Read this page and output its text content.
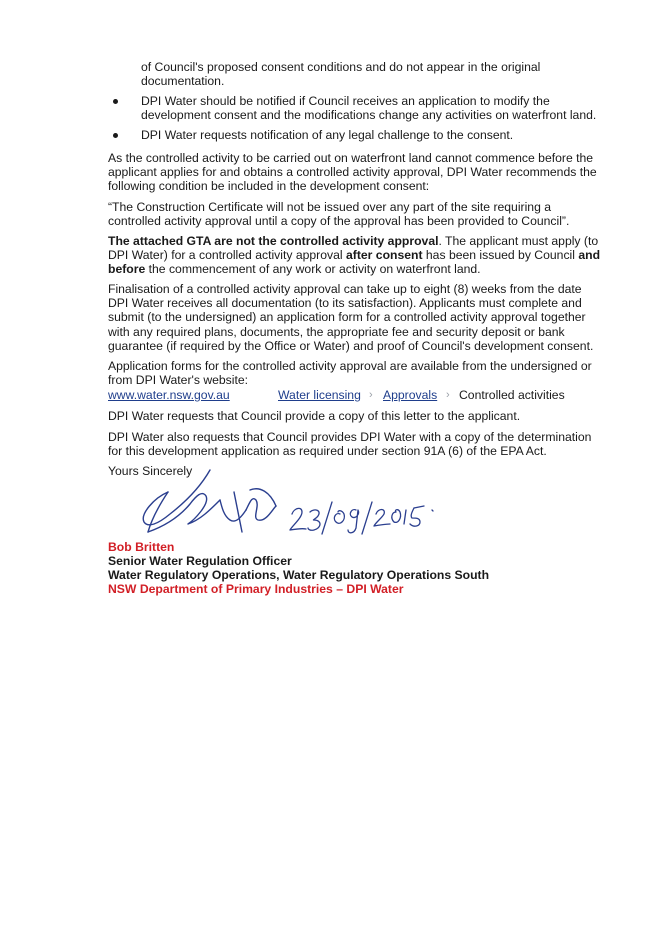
of Council's proposed consent conditions and do not appear in the original documentation.

DPI Water should be notified if Council receives an application to modify the development consent and the modifications change any activities on waterfront land.

DPI Water requests notification of any legal challenge to the consent.

As the controlled activity to be carried out on waterfront land cannot commence before the applicant applies for and obtains a controlled activity approval, DPI Water recommends the following condition be included in the development consent:

“The Construction Certificate will not be issued over any part of the site requiring a controlled activity approval until a copy of the approval has been provided to Council”.

The attached GTA are not the controlled activity approval. The applicant must apply (to DPI Water) for a controlled activity approval after consent has been issued by Council and before the commencement of any work or activity on waterfront land.

Finalisation of a controlled activity approval can take up to eight (8) weeks from the date DPI Water receives all documentation (to its satisfaction). Applicants must complete and submit (to the undersigned) an application form for a controlled activity approval together with any required plans, documents, the appropriate fee and security deposit or bank guarantee (if required by the Office or Water) and proof of Council's development consent.

Application forms for the controlled activity approval are available from the undersigned or from DPI Water's website:

www.water.nsw.gov.au	Water licensing › Approvals › Controlled activities

DPI Water requests that Council provide a copy of this letter to the applicant.

DPI Water also requests that Council provides DPI Water with a copy of the determination for this development application as required under section 91A (6) of the EPA Act.

Yours Sincerely

Bob Britten
Senior Water Regulation Officer
Water Regulatory Operations, Water Regulatory Operations South
NSW Department of Primary Industries – DPI Water
